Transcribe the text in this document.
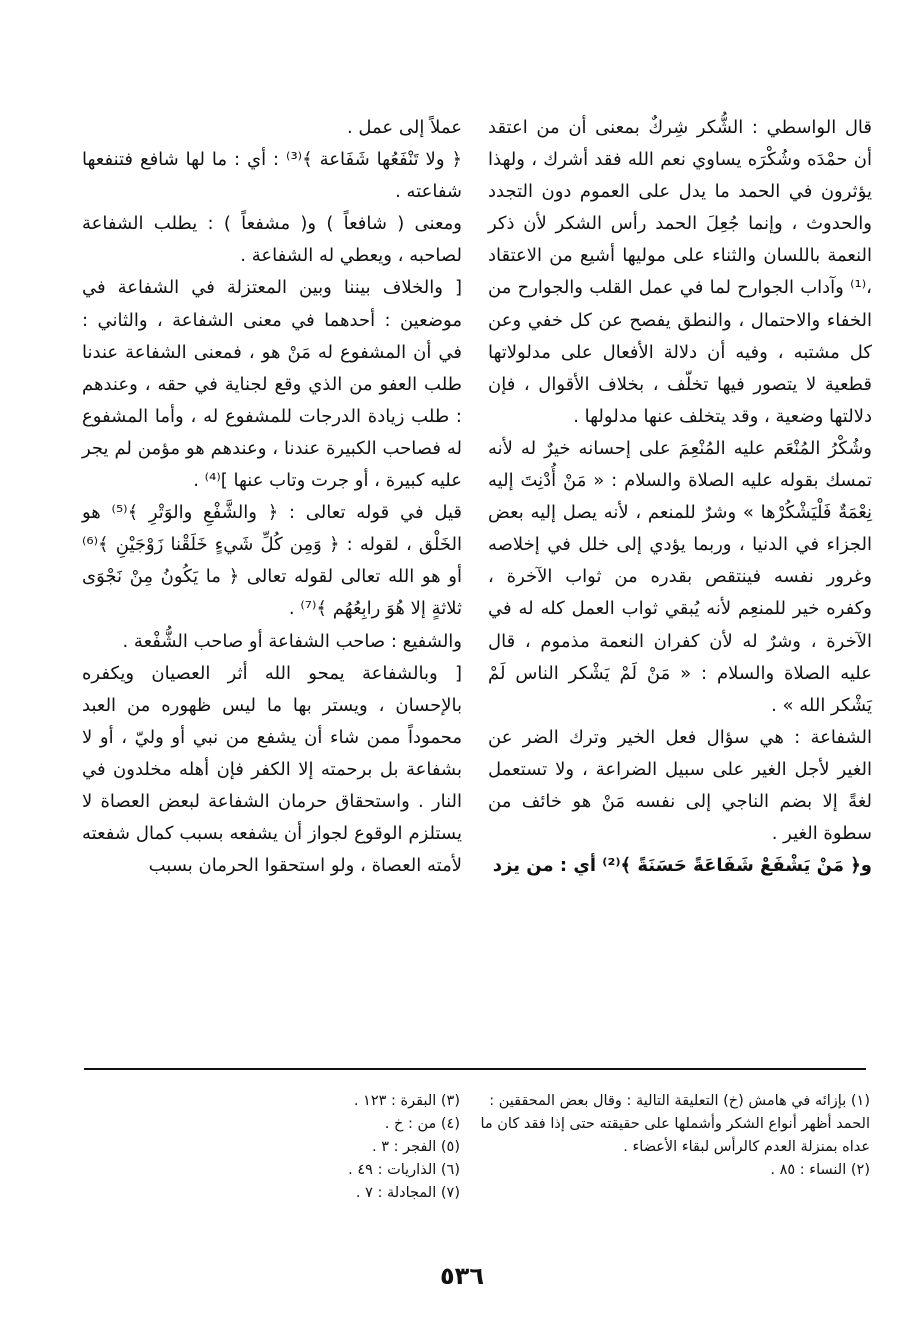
قال الواسطي : الشُّكر شِركٌ بمعنى أن من اعتقد أن حمْدَه وشُكْرَه يساوي نعم الله فقد أشرك ، ولهذا يؤثرون في الحمد ما يدل على العموم دون التجدد والحدوث ، وإنما جُعِلَ الحمد رأس الشكر لأن ذكر النعمة باللسان والثناء على موليها أشيع من الاعتقاد ،⁽¹⁾ وآداب الجوارح لما في عمل القلب والجوارح من الخفاء والاحتمال ، والنطق يفصح عن كل خفي وعن كل مشتبه ، وفيه أن دلالة الأفعال على مدلولاتها قطعية لا يتصور فيها تخلّف ، بخلاف الأقوال ، فإن دلالتها وضعية ، وقد يتخلف عنها مدلولها .

وشُكْرُ المُنْعَم عليه المُنْعِمَ على إحسانه خيرٌ له لأنه تمسك بقوله عليه الصلاة والسلام : « مَنْ أُدْنِتَ إليه نِعْمَةٌ فَلْيَشْكُرْها » وشرٌ للمنعم ، لأنه يصل إليه بعض الجزاء في الدنيا ، وربما يؤدي إلى خلل في إخلاصه وغرور نفسه فينتقص بقدره من ثواب الآخرة ، وكفره خير للمنعِم لأنه يُبقي ثواب العمل كله له في الآخرة ، وشرٌ له لأن كفران النعمة مذموم ، قال عليه الصلاة والسلام : « مَنْ لَمْ يَشْكر الناس لَمْ يَشْكر الله » .

الشفاعة : هي سؤال فعل الخير وترك الضر عن الغير لأجل الغير على سبيل الضراعة ، ولا تستعمل لغةً إلا بضم الناجي إلى نفسه مَنْ هو خائف من سطوة الغير .

و﴿ مَنْ يَشْفَعْ شَفَاعَةً حَسَنَةً ﴾⁽²⁾ أي : من يزد

عملاً إلى عمل .

﴿ ولا تَنْفَعُها شَفَاعة ﴾⁽³⁾ : أي : ما لها شافع فتنفعها شفاعته .

ومعنى ( شافعاً ) و( مشفعاً ) : يطلب الشفاعة لصاحبه ، ويعطي له الشفاعة .

[ والخلاف بيننا وبين المعتزلة في الشفاعة في موضعين : أحدهما في معنى الشفاعة ، والثاني : في أن المشفوع له مَنْ هو ، فمعنى الشفاعة عندنا طلب العفو من الذي وقع لجناية في حقه ، وعندهم : طلب زيادة الدرجات للمشفوع له ، وأما المشفوع له فصاحب الكبيرة عندنا ، وعندهم هو مؤمن لم يجر عليه كبيرة ، أو جرت وتاب عنها ]⁽⁴⁾ .

قيل في قوله تعالى : ﴿ والشَّفْعِ والوَتْرِ ﴾⁽⁵⁾ هو الخَلْق ، لقوله : ﴿ وَمِن كُلِّ شَيءٍ خَلَقْنا زَوْجَيْنِ ﴾⁽⁶⁾ أو هو الله تعالى لقوله تعالى ﴿ ما يَكُونُ مِنْ نَجْوَى ثلاثةٍ إلا هُوَ رابِعُهُم ﴾⁽⁷⁾ .

والشفيع : صاحب الشفاعة أو صاحب الشُّفْعة .

[ وبالشفاعة يمحو الله أثر العصيان ويكفره بالإحسان ، ويستر بها ما ليس ظهوره من العبد محموداً ممن شاء أن يشفع من نبي أو وليّ ، أو لا بشفاعة بل برحمته إلا الكفر فإن أهله مخلدون في النار . واستحقاق حرمان الشفاعة لبعض العصاة لا يستلزم الوقوع لجواز أن يشفعه بسبب كمال شفعته لأمته العصاة ، ولو استحقوا الحرمان بسبب

(١) بإزائه في هامش (خ) التعليقة التالية : وقال بعض المحققين : الحمد أظهر أنواع الشكر وأشملها على حقيقته حتى إذا فقد كان ما عداه بمنزلة العدم كالرأس لبقاء الأعضاء .

(٢) النساء : ٨٥ .

(٣) البقرة : ١٢٣ .

(٤) من : خ .

(٥) الفجر : ٣ .

(٦) الذاريات : ٤٩ .

(٧) المجادلة : ٧ .

٥٣٦
